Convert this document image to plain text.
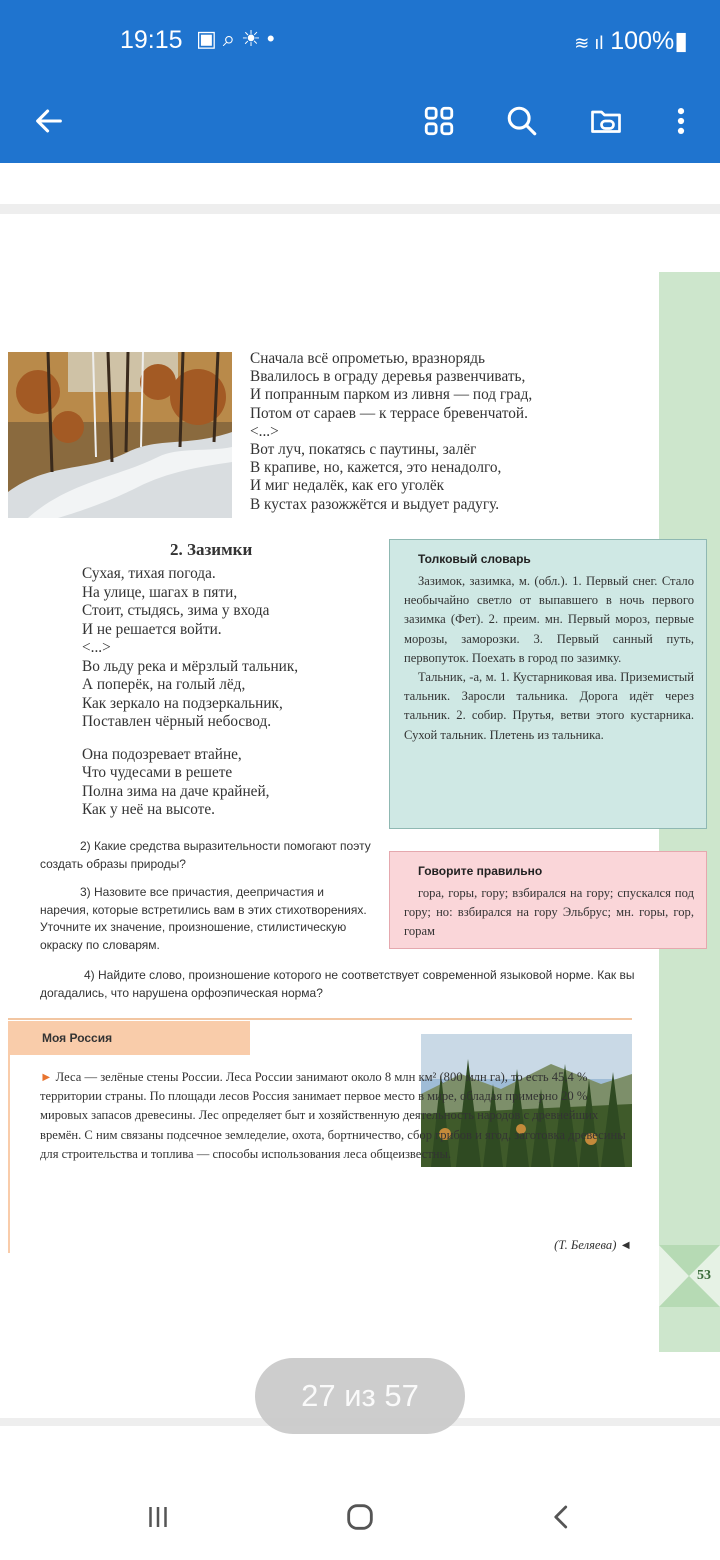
19:15 ▣⌕☀•	≋ ıl 100%▮
53
Сначала всё опрометью, вразнорядь
Ввалилось в ограду деревья развенчивать,
И попранным парком из ливня — под град,
Потом от сараев — к террасе бревенчатой.
<...>
Вот луч, покатясь с паутины, залёг
В крапиве, но, кажется, это ненадолго,
И миг недалёк, как его уголёк
В кустах разожжётся и выдует радугу.
2. Зазимки
Сухая, тихая погода.
На улице, шагах в пяти,
Стоит, стыдясь, зима у входа
И не решается войти.
<...>
Во льду река и мёрзлый тальник,
А поперёк, на голый лёд,
Как зеркало на подзеркальник,
Поставлен чёрный небосвод.
Она подозревает втайне,
Что чудесами в решете
Полна зима на даче крайней,
Как у неё на высоте.
2) Какие средства выразительности помогают поэту создать образы природы?
3) Назовите все причастия, деепричастия и наречия, которые встретились вам в этих стихотворениях. Уточните их значение, произношение, стилистическую окраску по словарям.
4) Найдите слово, произношение которого не соответствует современной языковой норме. Как вы догадались, что нарушена орфоэпическая норма?
Толковый словарь

Зазимок, зазимка, м. (обл.). 1. Первый снег. Стало необычайно светло от выпавшего в ночь первого зазимка (Фет). 2. преим. мн. Первый мороз, первые морозы, заморозки. 3. Первый санный путь, первопуток. Поехать в город по зазимку.

Тальник, -а, м. 1. Кустарниковая ива. Приземистый тальник. Заросли тальника. Дорога идёт через тальник. 2. собир. Прутья, ветви этого кустарника. Сухой тальник. Плетень из тальника.

Говорите правильно
гора, горы, гору; взбирался на гору; спускался под гору; но: взбирался на гору Эльбрус; мн. горы, гор, горам
Моя Россия
► Леса — зелёные стены России. Леса России занимают около 8 млн км² (800 млн га), то есть 45,4 % территории страны. По площади лесов Россия занимает первое место в мире, обладая примерно 20 % мировых запасов древесины. Лес определяет быт и хозяйственную деятельность народов с древнейших времён. С ним связаны подсечное земледелие, охота, бортничество, сбор грибов и ягод, заготовка древесины для строительства и топлива — способы использования леса общеизвестны.
(Т. Беляева) ◄
27 из 57
